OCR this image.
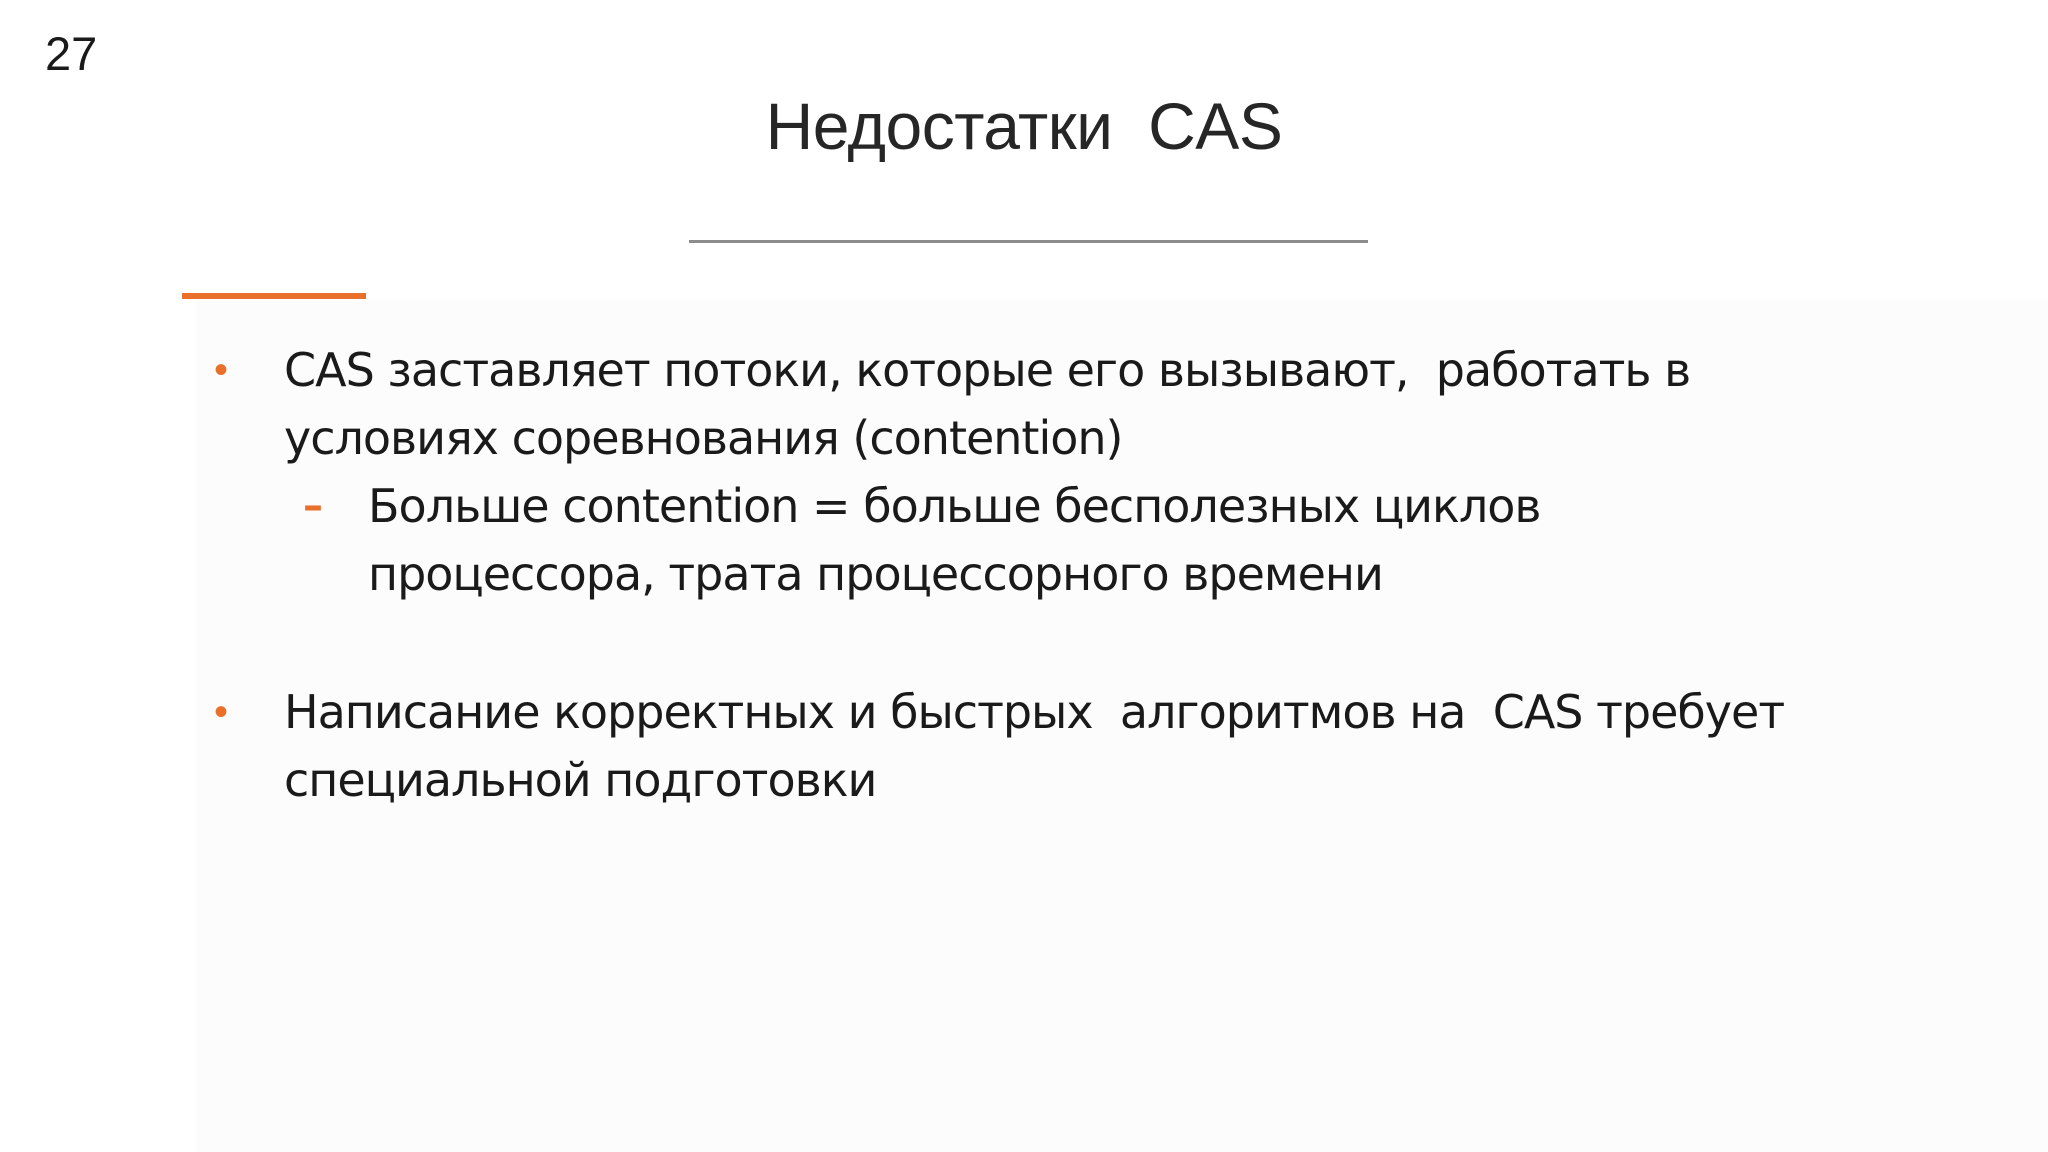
27
Недостатки  CAS
• CAS заставляет потоки, которые его вызывают,  работать в
условиях соревнования (contention)
– Больше contention = больше бесполезных циклов
процессора, трата процессорного времени
• Написание корректных и быстрых  алгоритмов на  CAS требует
специальной подготовки
